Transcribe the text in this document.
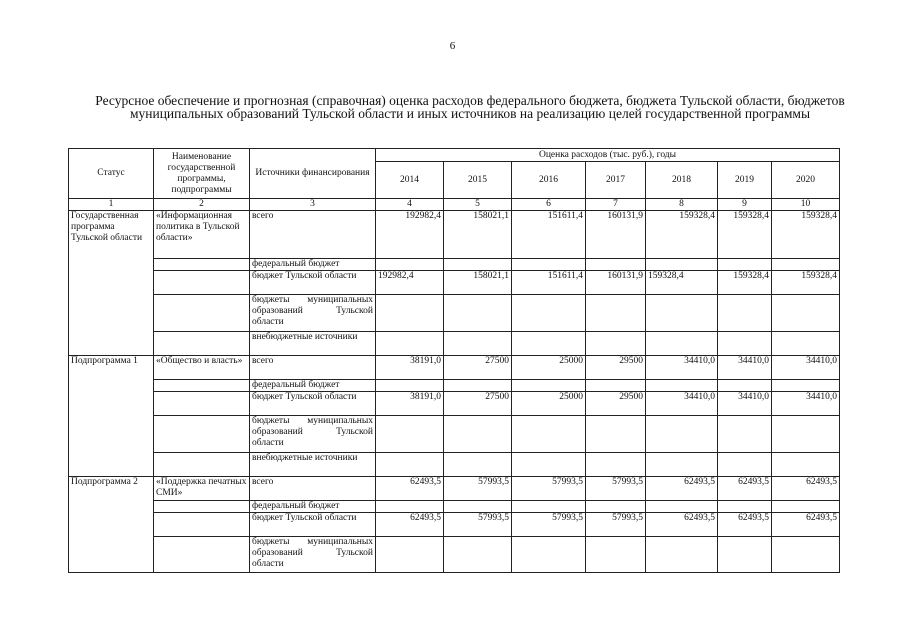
6
Ресурсное обеспечение и прогнозная (справочная) оценка расходов федерального бюджета, бюджета Тульской области, бюджетов муниципальных образований Тульской области и иных источников на реализацию целей государственной программы
Статус	Наименование государственной программы, подпрограммы	Источники финансирования	Оценка расходов (тыс. руб.), годы						
			2014	2015	2016	2017	2018	2019	2020
1	2	3	4	5	6	7	8	9	10
Государственная программа Тульской области	«Информационная политика в Тульской области»	всего	192982,4	158021,1	151611,4	160131,9	159328,4	159328,4	159328,4
		федеральный бюджет							
		бюджет Тульской области	192982,4	158021,1	151611,4	160131,9	159328,4	159328,4	159328,4
		бюджеты муниципальных образований Тульской области							
		внебюджетные источники							
Подпрограмма 1	«Общество и власть»	всего	38191,0	27500	25000	29500	34410,0	34410,0	34410,0
		федеральный бюджет							
		бюджет Тульской области	38191,0	27500	25000	29500	34410,0	34410,0	34410,0
		бюджеты муниципальных образований Тульской области							
		внебюджетные источники							
Подпрограмма 2	«Поддержка печатных СМИ»	всего	62493,5	57993,5	57993,5	57993,5	62493,5	62493,5	62493,5
		федеральный бюджет							
		бюджет Тульской области	62493,5	57993,5	57993,5	57993,5	62493,5	62493,5	62493,5
		бюджеты муниципальных образований Тульской области							
